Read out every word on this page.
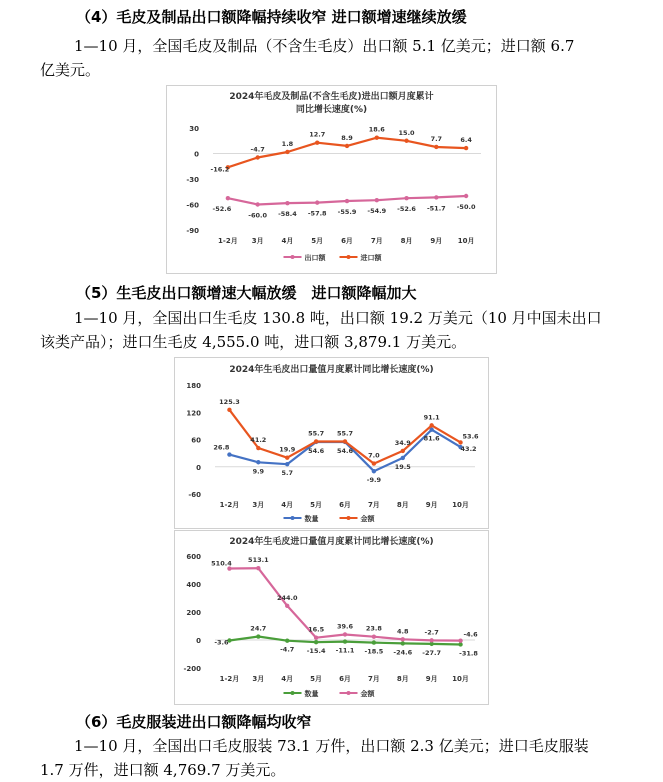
（4）毛皮及制品出口额降幅持续收窄 进口额增速继续放缓
1—10 月，全国毛皮及制品（不含生毛皮）出口额 5.1 亿美元；进口额 6.7
亿美元。
2024年毛皮及制品(不含生毛皮)进出口额月度累计
同比增长速度(%)
30
0
-30
-60
-90
1-2月 3月	4月	5月	6月	7月	8月	9月 10月
-52.6
-60.0 -58.4 -57.8 -55.9 -54.9 -52.6 -51.7 -50.0
-16.2
-4.7
1.8
12.7 8.9
18.6 15.0
7.7	6.4
出口额	进口额
（5）生毛皮出口额增速大幅放缓　进口额降幅加大
1—10 月，全国出口生毛皮 130.8 吨，出口额 19.2 万美元（10 月中国未出口
该类产品）；进口生毛皮 4,555.0 吨，进口额 3,879.1 万美元。
2024年生毛皮出口量值月度累计同比增长速度(%)
180
120
60
0
-60
1-2月 3月 4月 5月 6月 7月 8月 9月 10月
26.8
9.9	5.7
54.6 54.6
-9.9
19.5
81.6
43.2
125.3
41.2
19.9
55.7 55.7
7.0
34.9
91.1
53.6
数量	金额
2024年生毛皮进口量值月度累计同比增长速度(%)
600
400
200
0
-200
1-2月 3月 4月 5月 6月 7月 8月 9月 10月
-3.6
24.7
-4.7 -15.4 -11.1 -18.5 -24.6 -27.7	-31.8
510.4	513.1
244.0
16.5 39.6 23.8 4.8 -2.7	-4.6
数量	金额
（6）毛皮服装进出口额降幅均收窄
1—10 月，全国出口毛皮服装 73.1 万件，出口额 2.3 亿美元；进口毛皮服装
1.7 万件，进口额 4,769.7 万美元。
